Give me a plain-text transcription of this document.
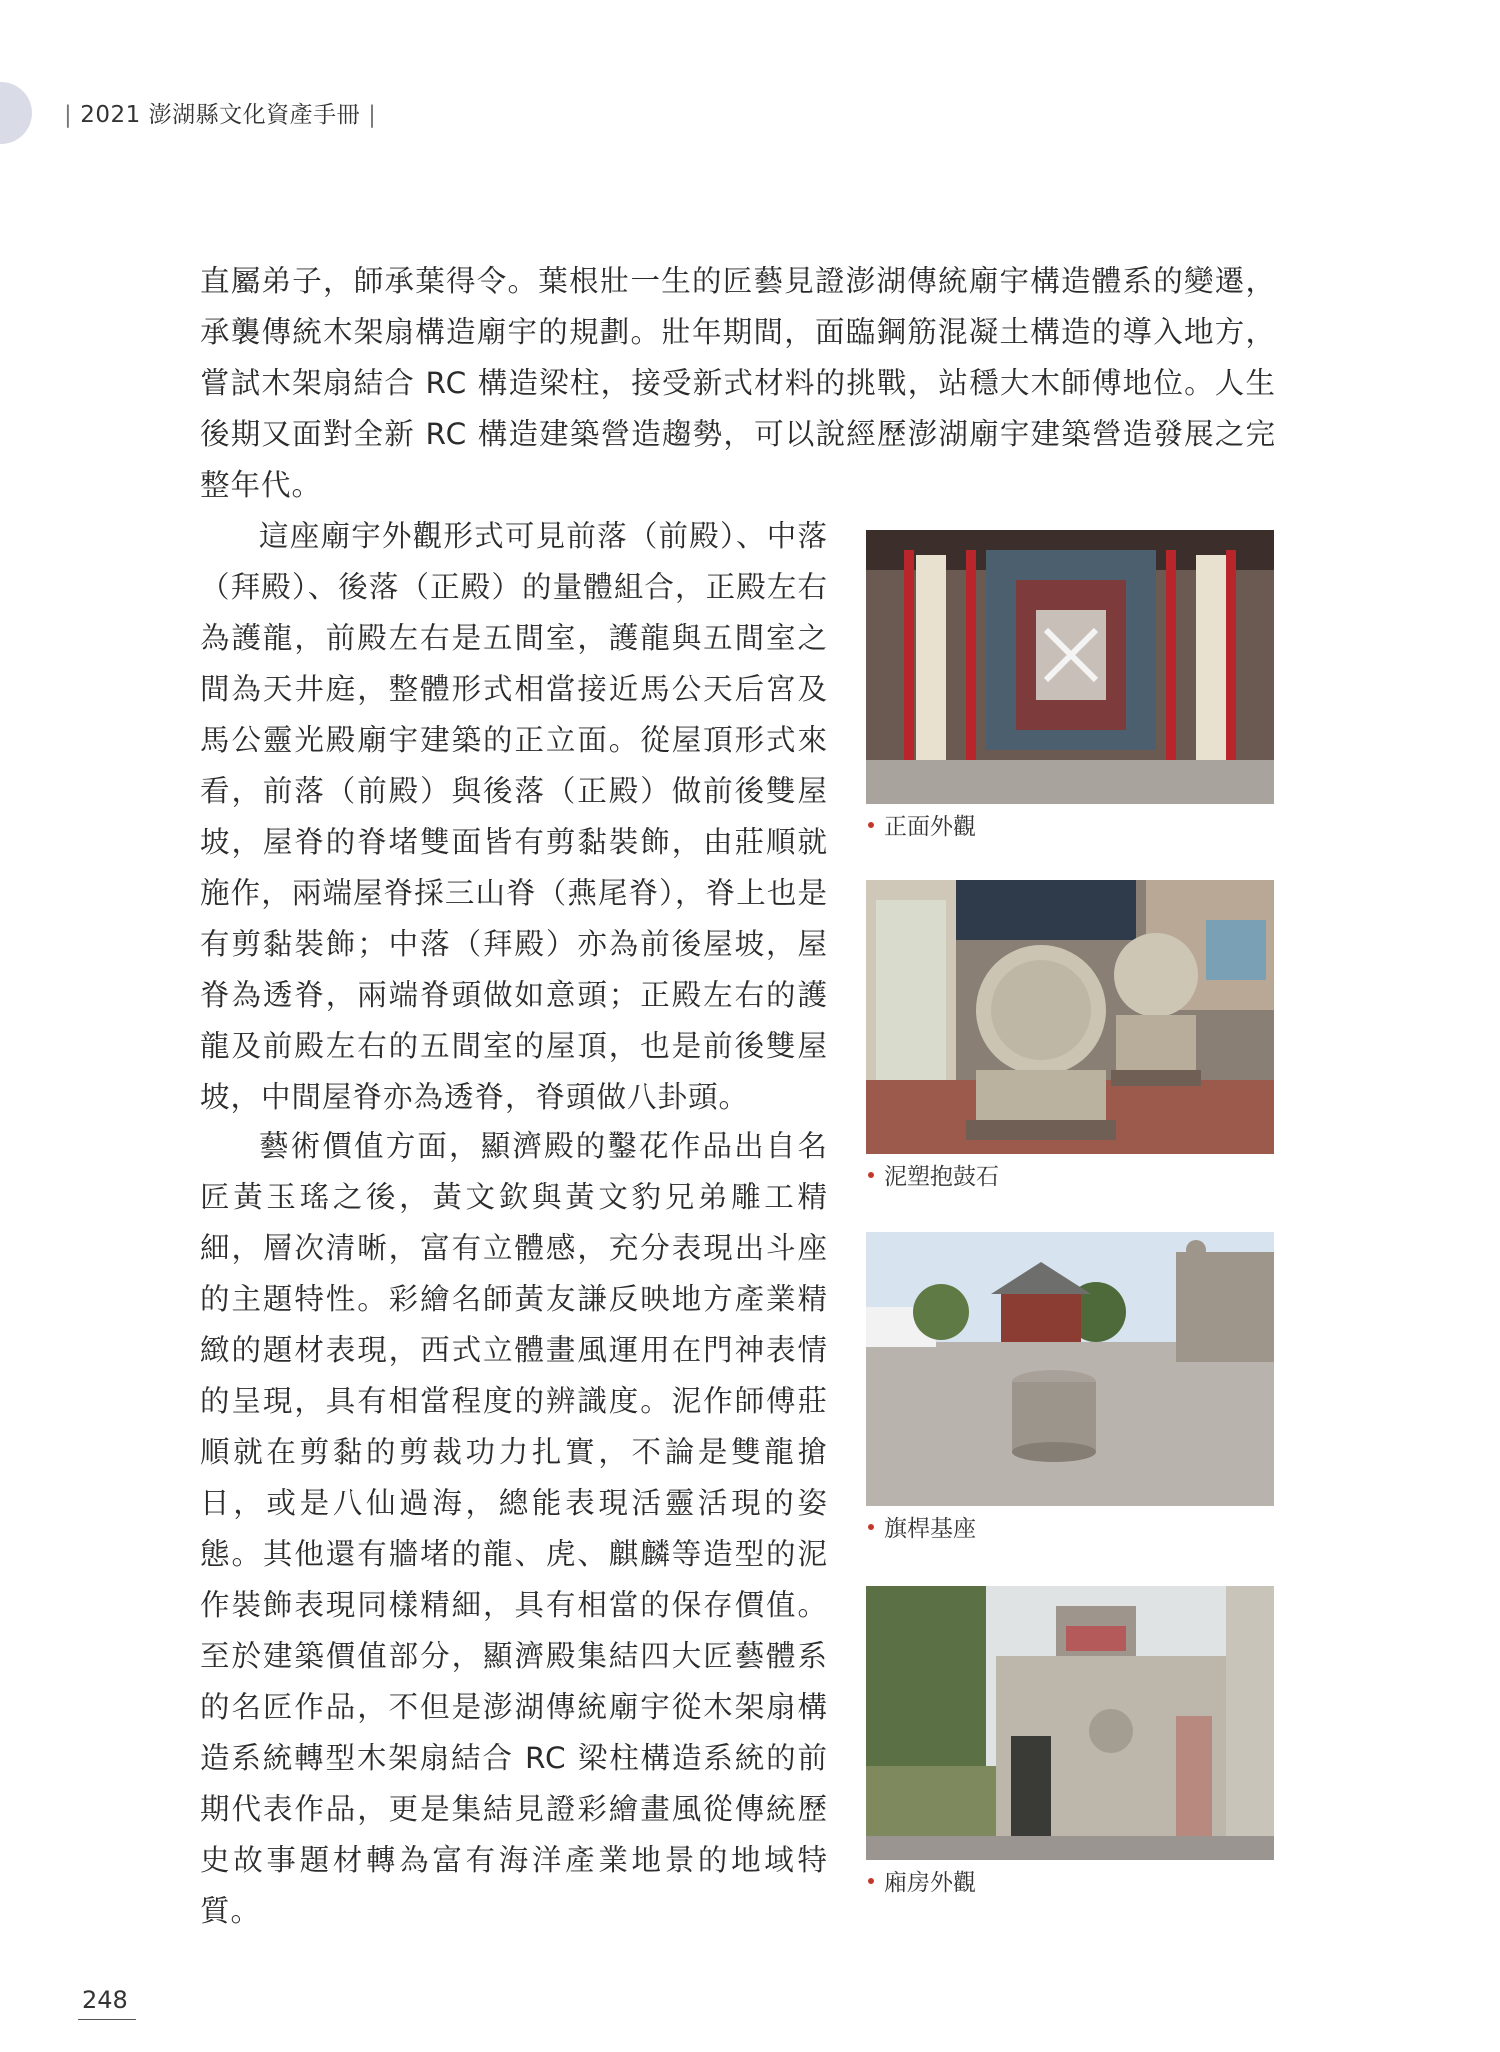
| 2021 澎湖縣文化資產手冊 |

直屬弟子，師承葉得令。葉根壯一生的匠藝見證澎湖傳統廟宇構造體系的變遷，承襲傳統木架扇構造廟宇的規劃。壯年期間，面臨鋼筋混凝土構造的導入地方，嘗試木架扇結合 RC 構造梁柱，接受新式材料的挑戰，站穩大木師傅地位。人生後期又面對全新 RC 構造建築營造趨勢，可以說經歷澎湖廟宇建築營造發展之完整年代。

這座廟宇外觀形式可見前落（前殿）、中落（拜殿）、後落（正殿）的量體組合，正殿左右為護龍，前殿左右是五間室，護龍與五間室之間為天井庭，整體形式相當接近馬公天后宮及馬公靈光殿廟宇建築的正立面。從屋頂形式來看，前落（前殿）與後落（正殿）做前後雙屋坡，屋脊的脊堵雙面皆有剪黏裝飾，由莊順就施作，兩端屋脊採三山脊（燕尾脊），脊上也是有剪黏裝飾；中落（拜殿）亦為前後屋坡，屋脊為透脊，兩端脊頭做如意頭；正殿左右的護龍及前殿左右的五間室的屋頂，也是前後雙屋坡，中間屋脊亦為透脊，脊頭做八卦頭。

藝術價值方面，顯濟殿的鑿花作品出自名匠黃玉瑤之後，黃文欽與黃文豹兄弟雕工精細，層次清晰，富有立體感，充分表現出斗座的主題特性。彩繪名師黃友謙反映地方產業精緻的題材表現，西式立體畫風運用在門神表情的呈現，具有相當程度的辨識度。泥作師傅莊順就在剪黏的剪裁功力扎實，不論是雙龍搶日，或是八仙過海，總能表現活靈活現的姿態。其他還有牆堵的龍、虎、麒麟等造型的泥作裝飾表現同樣精細，具有相當的保存價值。至於建築價值部分，顯濟殿集結四大匠藝體系的名匠作品，不但是澎湖傳統廟宇從木架扇構造系統轉型木架扇結合 RC 梁柱構造系統的前期代表作品，更是集結見證彩繪畫風從傳統歷史故事題材轉為富有海洋產業地景的地域特質。

正面外觀
泥塑抱鼓石
旗桿基座
廂房外觀
248
